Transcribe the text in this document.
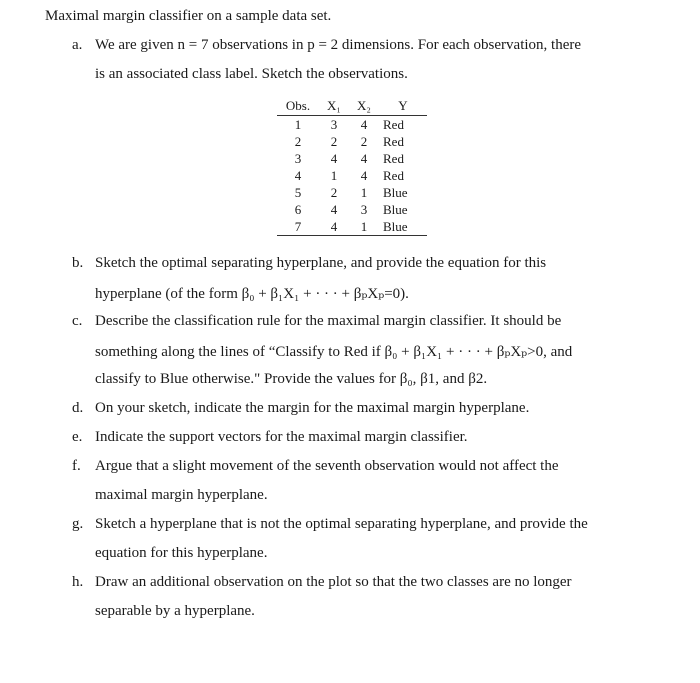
Maximal margin classifier on a sample data set.
a. We are given n = 7 observations in p = 2 dimensions. For each observation, there
is an associated class label. Sketch the observations.
Obs.	X₁	X₂	Y
1	3	4	Red
2	2	2	Red
3	4	4	Red
4	1	4	Red
5	2	1	Blue
6	4	3	Blue
7	4	1	Blue
b. Sketch the optimal separating hyperplane, and provide the equation for this
hyperplane (of the form β₀ + β₁X₁ + · · · + βₚXₚ=0).
c. Describe the classification rule for the maximal margin classifier. It should be
something along the lines of “Classify to Red if β₀ + β₁X₁ + · · · + βₚXₚ>0, and
classify to Blue otherwise." Provide the values for β₀, β1, and β2.
d. On your sketch, indicate the margin for the maximal margin hyperplane.
e. Indicate the support vectors for the maximal margin classifier.
f. Argue that a slight movement of the seventh observation would not affect the
maximal margin hyperplane.
g. Sketch a hyperplane that is not the optimal separating hyperplane, and provide the
equation for this hyperplane.
h. Draw an additional observation on the plot so that the two classes are no longer
separable by a hyperplane.
